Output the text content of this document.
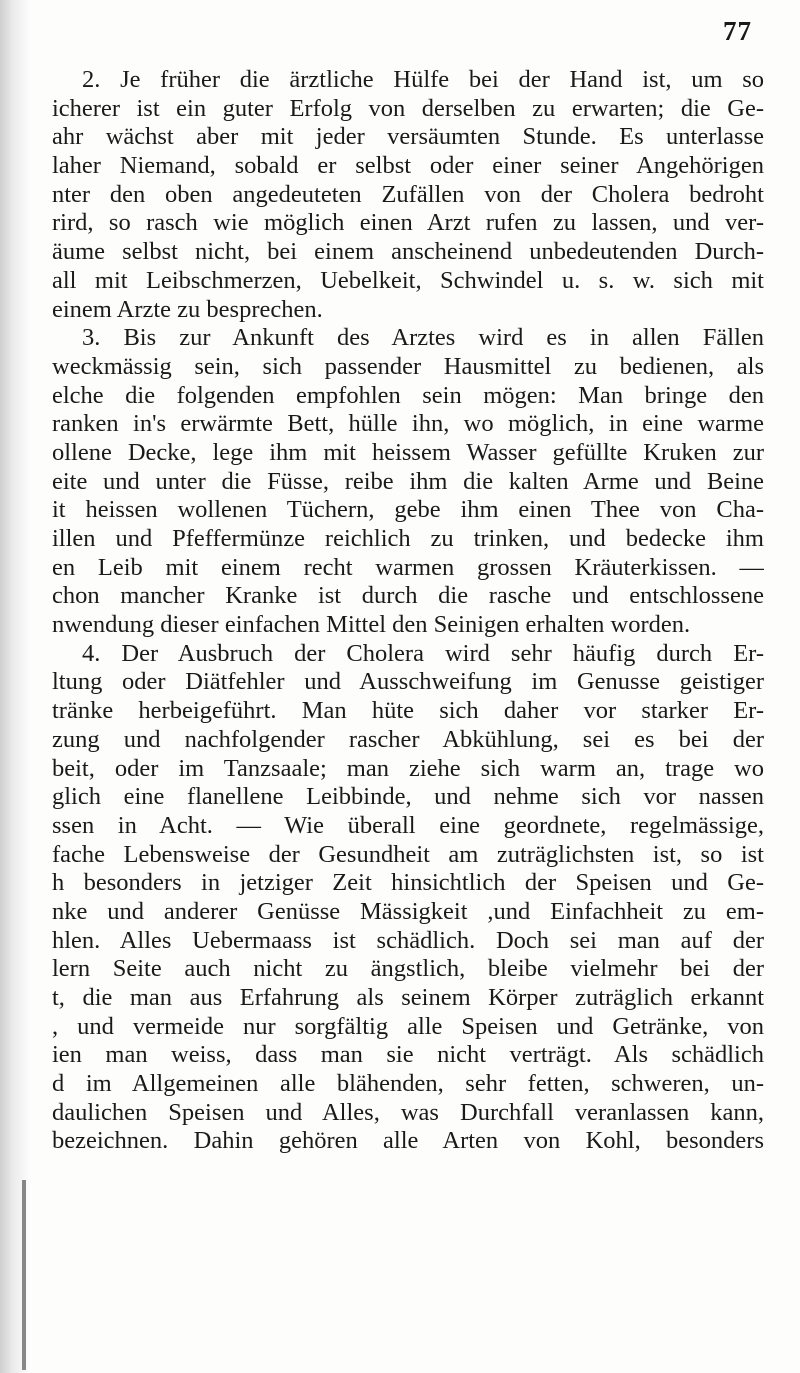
77
2. Je früher die ärztliche Hülfe bei der Hand ist, um so
icherer ist ein guter Erfolg von derselben zu erwarten; die Ge-
ahr wächst aber mit jeder versäumten Stunde. Es unterlasse
laher Niemand, sobald er selbst oder einer seiner Angehörigen
nter den oben angedeuteten Zufällen von der Cholera bedroht
rird, so rasch wie möglich einen Arzt rufen zu lassen, und ver-
äume selbst nicht, bei einem anscheinend unbedeutenden Durch-
all mit Leibschmerzen, Uebelkeit, Schwindel u. s. w. sich mit
einem Arzte zu besprechen.
3. Bis zur Ankunft des Arztes wird es in allen Fällen
weckmässig sein, sich passender Hausmittel zu bedienen, als
elche die folgenden empfohlen sein mögen: Man bringe den
ranken in's erwärmte Bett, hülle ihn, wo möglich, in eine warme
ollene Decke, lege ihm mit heissem Wasser gefüllte Kruken zur
eite und unter die Füsse, reibe ihm die kalten Arme und Beine
it heissen wollenen Tüchern, gebe ihm einen Thee von Cha-
illen und Pfeffermünze reichlich zu trinken, und bedecke ihm
en Leib mit einem recht warmen grossen Kräuterkissen. —
chon mancher Kranke ist durch die rasche und entschlossene
nwendung dieser einfachen Mittel den Seinigen erhalten worden.
4. Der Ausbruch der Cholera wird sehr häufig durch Er-
ltung oder Diätfehler und Ausschweifung im Genusse geistiger
tränke herbeigeführt. Man hüte sich daher vor starker Er-
zung und nachfolgender rascher Abkühlung, sei es bei der
beit, oder im Tanzsaale; man ziehe sich warm an, trage wo
glich eine flanellene Leibbinde, und nehme sich vor nassen
ssen in Acht. — Wie überall eine geordnete, regelmässige,
fache Lebensweise der Gesundheit am zuträglichsten ist, so ist
h besonders in jetziger Zeit hinsichtlich der Speisen und Ge-
nke und anderer Genüsse Mässigkeit ,und Einfachheit zu em-
hlen. Alles Uebermaass ist schädlich. Doch sei man auf der
lern Seite auch nicht zu ängstlich, bleibe vielmehr bei der
t, die man aus Erfahrung als seinem Körper zuträglich erkannt
, und vermeide nur sorgfältig alle Speisen und Getränke, von
ien man weiss, dass man sie nicht verträgt. Als schädlich
d im Allgemeinen alle blähenden, sehr fetten, schweren, un-
daulichen Speisen und Alles, was Durchfall veranlassen kann,
bezeichnen. Dahin gehören alle Arten von Kohl, besonders
